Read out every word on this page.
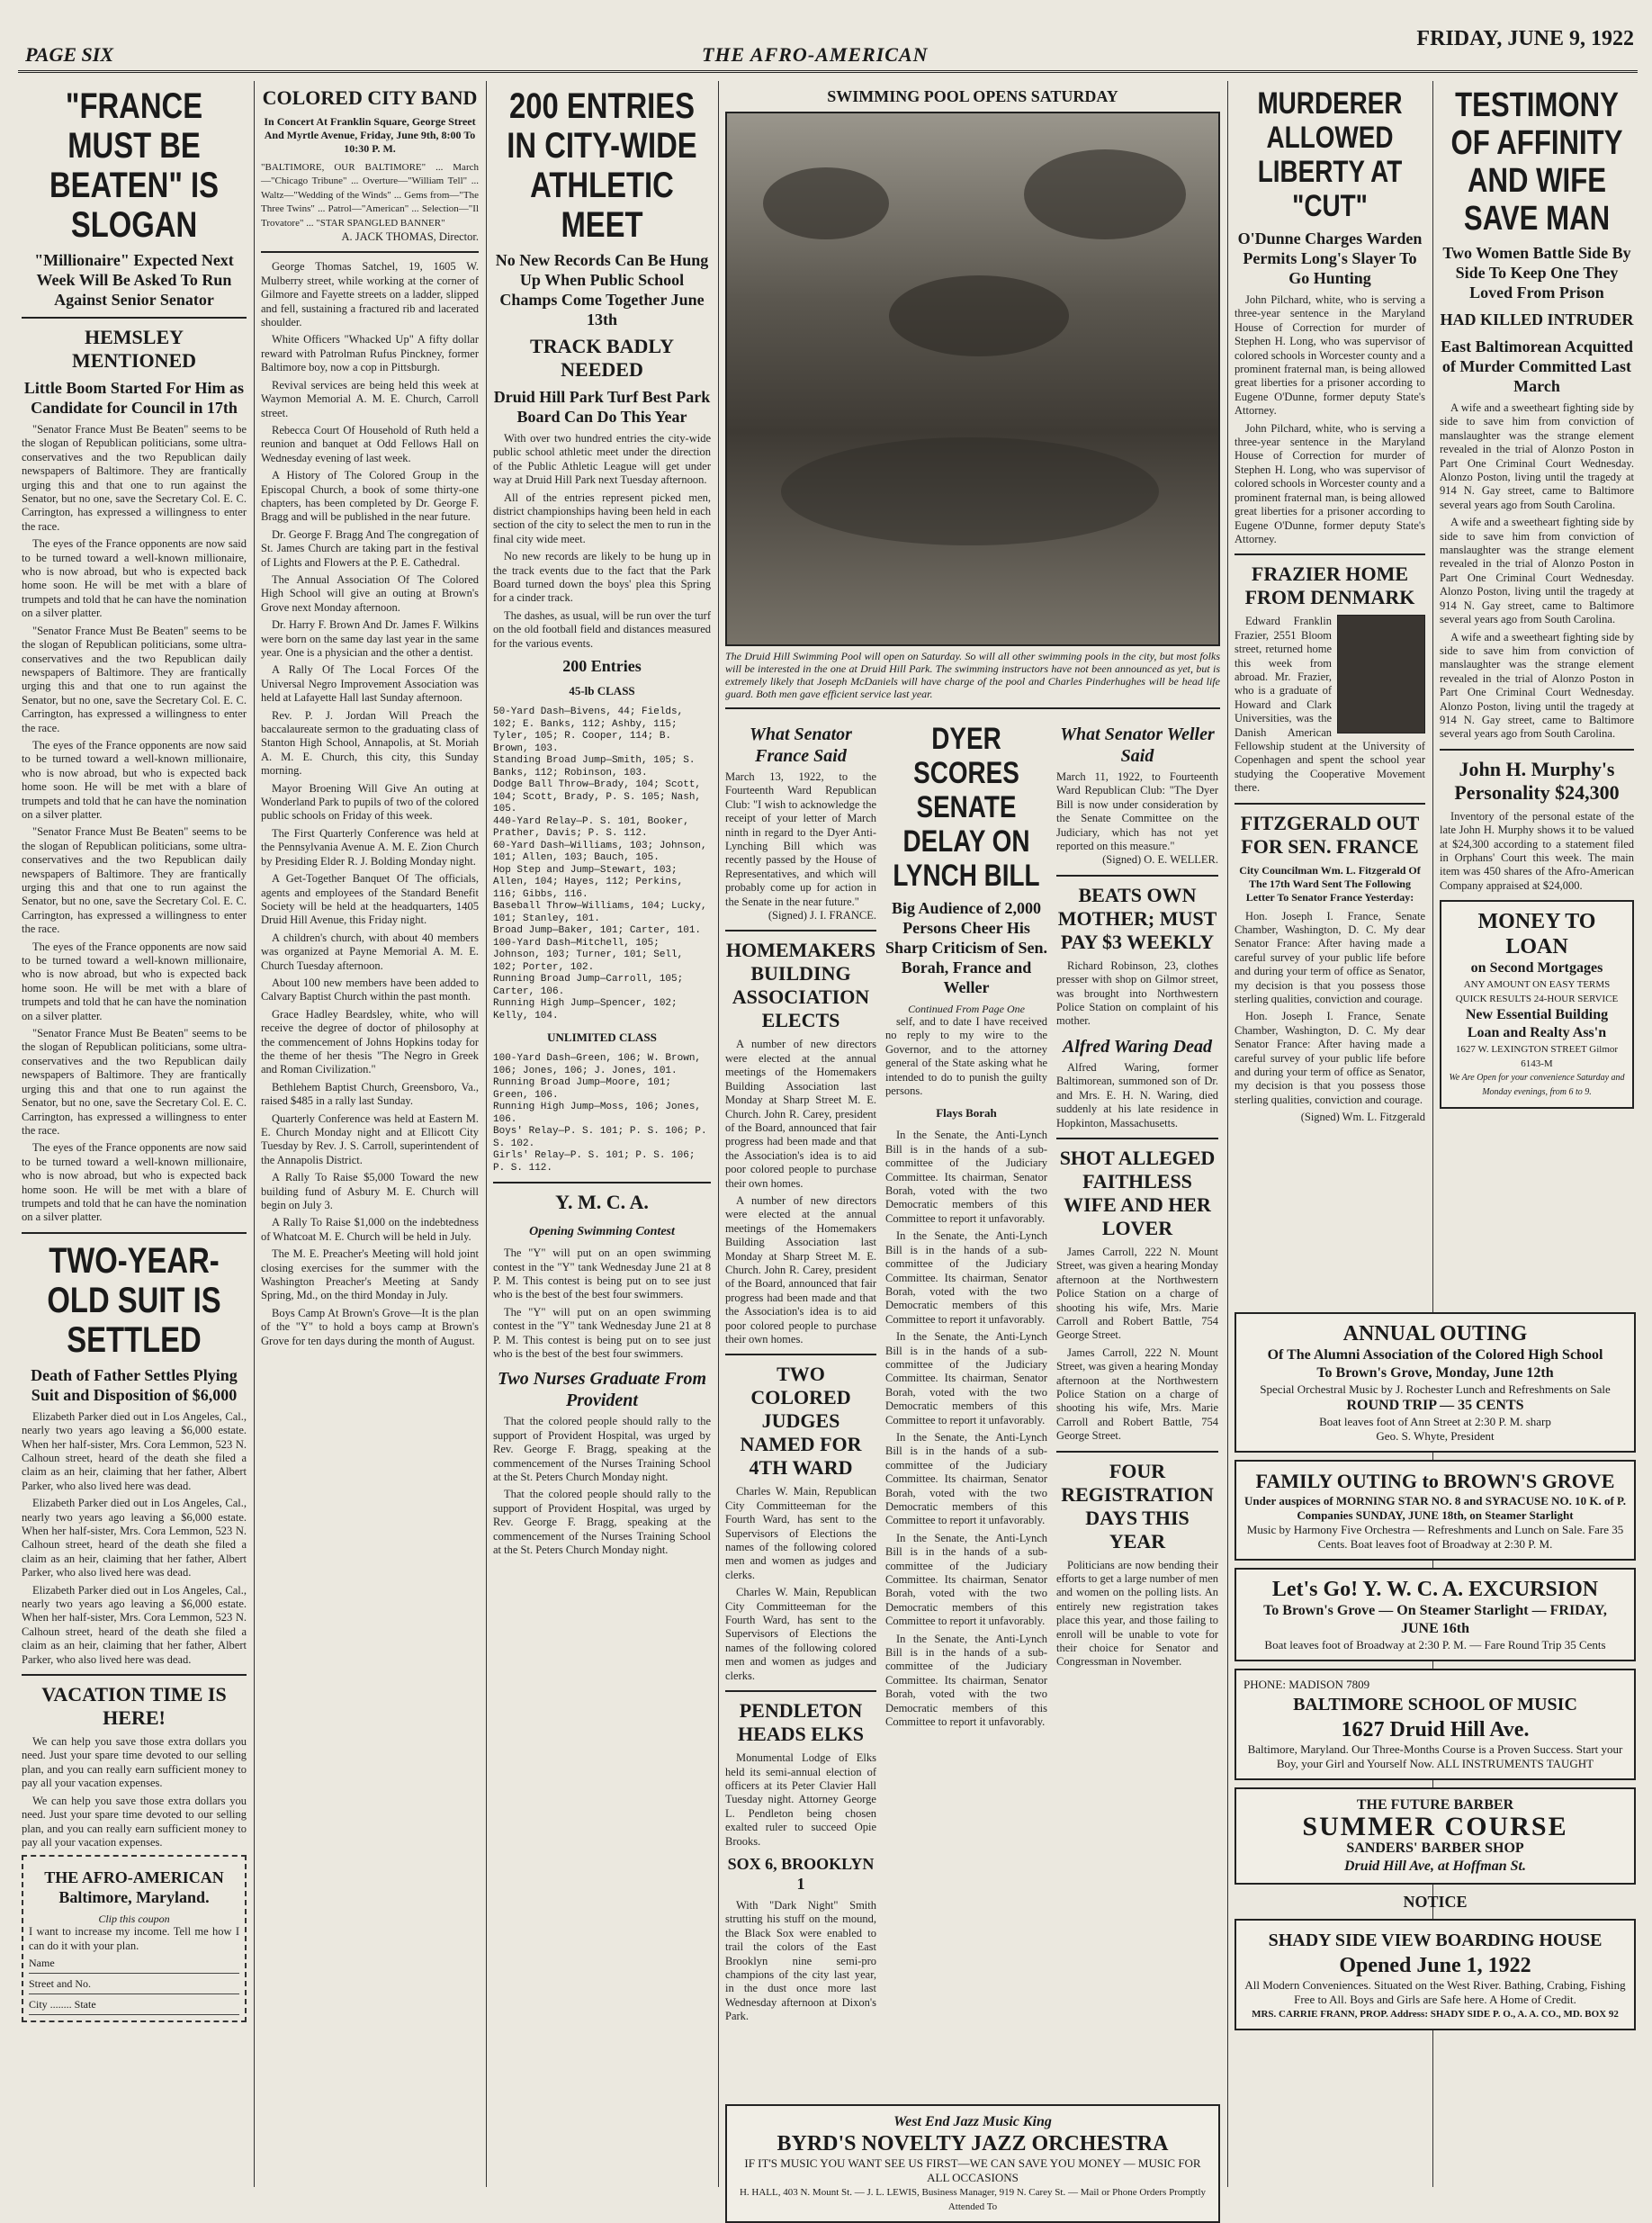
PAGE SIX	THE AFRO-AMERICAN
FRIDAY, JUNE 9, 1922
"FRANCE MUST BE BEATEN" IS SLOGAN
"Millionaire" Expected Next Week Will Be Asked To Run Against Senior Senator
HEMSLEY MENTIONED
Little Boom Started For Him as Candidate for Council in 17th

"Senator France Must Be Beaten" seems to be the slogan of Republican politicians, some ultra-conservatives and the two Republican daily newspapers of Baltimore. They are frantically urging this and that one to run against the Senator, but no one, save the Secretary Col. E. C. Carrington, has expressed a willingness to enter the race.

The eyes of the France opponents are now said to be turned toward a well-known millionaire, who is now abroad, but who is expected back home soon. He will be met with a blare of trumpets and told that he can have the nomination on a silver platter.

"Senator France Must Be Beaten" seems to be the slogan of Republican politicians, some ultra-conservatives and the two Republican daily newspapers of Baltimore. They are frantically urging this and that one to run against the Senator, but no one, save the Secretary Col. E. C. Carrington, has expressed a willingness to enter the race.

The eyes of the France opponents are now said to be turned toward a well-known millionaire, who is now abroad, but who is expected back home soon. He will be met with a blare of trumpets and told that he can have the nomination on a silver platter.

"Senator France Must Be Beaten" seems to be the slogan of Republican politicians, some ultra-conservatives and the two Republican daily newspapers of Baltimore. They are frantically urging this and that one to run against the Senator, but no one, save the Secretary Col. E. C. Carrington, has expressed a willingness to enter the race.

The eyes of the France opponents are now said to be turned toward a well-known millionaire, who is now abroad, but who is expected back home soon. He will be met with a blare of trumpets and told that he can have the nomination on a silver platter.

"Senator France Must Be Beaten" seems to be the slogan of Republican politicians, some ultra-conservatives and the two Republican daily newspapers of Baltimore. They are frantically urging this and that one to run against the Senator, but no one, save the Secretary Col. E. C. Carrington, has expressed a willingness to enter the race.

The eyes of the France opponents are now said to be turned toward a well-known millionaire, who is now abroad, but who is expected back home soon. He will be met with a blare of trumpets and told that he can have the nomination on a silver platter.

TWO-YEAR-OLD SUIT IS SETTLED
Death of Father Settles Plying Suit and Disposition of $6,000

Elizabeth Parker died out in Los Angeles, Cal., nearly two years ago leaving a $6,000 estate. When her half-sister, Mrs. Cora Lemmon, 523 N. Calhoun street, heard of the death she filed a claim as an heir, claiming that her father, Albert Parker, who also lived here was dead.

Elizabeth Parker died out in Los Angeles, Cal., nearly two years ago leaving a $6,000 estate. When her half-sister, Mrs. Cora Lemmon, 523 N. Calhoun street, heard of the death she filed a claim as an heir, claiming that her father, Albert Parker, who also lived here was dead.

Elizabeth Parker died out in Los Angeles, Cal., nearly two years ago leaving a $6,000 estate. When her half-sister, Mrs. Cora Lemmon, 523 N. Calhoun street, heard of the death she filed a claim as an heir, claiming that her father, Albert Parker, who also lived here was dead.

VACATION TIME IS HERE!

We can help you save those extra dollars you need. Just your spare time devoted to our selling plan, and you can really earn sufficient money to pay all your vacation expenses.

We can help you save those extra dollars you need. Just your spare time devoted to our selling plan, and you can really earn sufficient money to pay all your vacation expenses.

THE AFRO-AMERICAN Baltimore, Maryland.
Clip this coupon
I want to increase my income. Tell me how I can do it with your plan.
Name
Street and No.
City ........ State
COLORED CITY BAND
In Concert At Franklin Square, George Street And Myrtle Avenue, Friday, June 9th, 8:00 To 10:30 P. M.
"BALTIMORE, OUR BALTIMORE" ... March—"Chicago Tribune" ... Overture—"William Tell" ... Waltz—"Wedding of the Winds" ... Gems from—"The Three Twins" ... Patrol—"American" ... Selection—"Il Trovatore" ... "STAR SPANGLED BANNER"
A. JACK THOMAS, Director.

George Thomas Satchel, 19, 1605 W. Mulberry street, while working at the corner of Gilmore and Fayette streets on a ladder, slipped and fell, sustaining a fractured rib and lacerated shoulder.

White Officers "Whacked Up" A fifty dollar reward with Patrolman Rufus Pinckney, former Baltimore boy, now a cop in Pittsburgh.

Revival services are being held this week at Waymon Memorial A. M. E. Church, Carroll street.

Rebecca Court Of Household of Ruth held a reunion and banquet at Odd Fellows Hall on Wednesday evening of last week.

A History of The Colored Group in the Episcopal Church, a book of some thirty-one chapters, has been completed by Dr. George F. Bragg and will be published in the near future.

Dr. George F. Bragg And The congregation of St. James Church are taking part in the festival of Lights and Flowers at the P. E. Cathedral.

The Annual Association Of The Colored High School will give an outing at Brown's Grove next Monday afternoon.

Dr. Harry F. Brown And Dr. James F. Wilkins were born on the same day last year in the same year. One is a physician and the other a dentist.

A Rally Of The Local Forces Of the Universal Negro Improvement Association was held at Lafayette Hall last Sunday afternoon.

Rev. P. J. Jordan Will Preach the baccalaureate sermon to the graduating class of Stanton High School, Annapolis, at St. Moriah A. M. E. Church, this city, this Sunday morning.

Mayor Broening Will Give An outing at Wonderland Park to pupils of two of the colored public schools on Friday of this week.

The First Quarterly Conference was held at the Pennsylvania Avenue A. M. E. Zion Church by Presiding Elder R. J. Bolding Monday night.

A Get-Together Banquet Of The officials, agents and employees of the Standard Benefit Society will be held at the headquarters, 1405 Druid Hill Avenue, this Friday night.

A children's church, with about 40 members was organized at Payne Memorial A. M. E. Church Tuesday afternoon.

About 100 new members have been added to Calvary Baptist Church within the past month.

Grace Hadley Beardsley, white, who will receive the degree of doctor of philosophy at the commencement of Johns Hopkins today for the theme of her thesis "The Negro in Greek and Roman Civilization."

Bethlehem Baptist Church, Greensboro, Va., raised $485 in a rally last Sunday.

Quarterly Conference was held at Eastern M. E. Church Monday night and at Ellicott City Tuesday by Rev. J. S. Carroll, superintendent of the Annapolis District.

A Rally To Raise $5,000 Toward the new building fund of Asbury M. E. Church will begin on July 3.

A Rally To Raise $1,000 on the indebtedness of Whatcoat M. E. Church will be held in July.

The M. E. Preacher's Meeting will hold joint closing exercises for the summer with the Washington Preacher's Meeting at Sandy Spring, Md., on the third Monday in July.

Boys Camp At Brown's Grove—It is the plan of the "Y" to hold a boys camp at Brown's Grove for ten days during the month of August.

200 ENTRIES IN CITY-WIDE ATHLETIC MEET
No New Records Can Be Hung Up When Public School Champs Come Together June 13th
TRACK BADLY NEEDED
Druid Hill Park Turf Best Park Board Can Do This Year

With over two hundred entries the city-wide public school athletic meet under the direction of the Public Athletic League will get under way at Druid Hill Park next Tuesday afternoon.

All of the entries represent picked men, district championships having been held in each section of the city to select the men to run in the final city wide meet.

No new records are likely to be hung up in the track events due to the fact that the Park Board turned down the boys' plea this Spring for a cinder track.

The dashes, as usual, will be run over the turf on the old football field and distances measured for the various events.

200 Entries
45-lb CLASS
50-Yard Dash—Bivens, 44; Fields, 102; E. Banks, 112; Ashby, 115; Tyler, 105; R. Cooper, 114; B. Brown, 103.
Standing Broad Jump—Smith, 105; S. Banks, 112; Robinson, 103.
Dodge Ball Throw—Brady, 104; Scott, 104; Scott, Brady, P. S. 105; Nash, 105.
440-Yard Relay—P. S. 101, Booker, Prather, Davis; P. S. 112.
60-Yard Dash—Williams, 103; Johnson, 101; Allen, 103; Bauch, 105.
Hop Step and Jump—Stewart, 103; Allen, 104; Hayes, 112; Perkins, 116; Gibbs, 116.
Baseball Throw—Williams, 104; Lucky, 101; Stanley, 101.
Broad Jump—Baker, 101; Carter, 101.
100-Yard Dash—Mitchell, 105; Johnson, 103; Turner, 101; Sell, 102; Porter, 102.
Running Broad Jump—Carroll, 105; Carter, 106.
Running High Jump—Spencer, 102; Kelly, 104.
UNLIMITED CLASS
100-Yard Dash—Green, 106; W. Brown, 106; Jones, 106; J. Jones, 101.
Running Broad Jump—Moore, 101; Green, 106.
Running High Jump—Moss, 106; Jones, 106.
Boys' Relay—P. S. 101; P. S. 106; P. S. 102.
Girls' Relay—P. S. 101; P. S. 106; P. S. 112.
Y. M. C. A.
Opening Swimming Contest

The "Y" will put on an open swimming contest in the "Y" tank Wednesday June 21 at 8 P. M. This contest is being put on to see just who is the best of the best four swimmers.

The "Y" will put on an open swimming contest in the "Y" tank Wednesday June 21 at 8 P. M. This contest is being put on to see just who is the best of the best four swimmers.

Two Nurses Graduate From Provident

That the colored people should rally to the support of Provident Hospital, was urged by Rev. George F. Bragg, speaking at the commencement of the Nurses Training School at the St. Peters Church Monday night.

That the colored people should rally to the support of Provident Hospital, was urged by Rev. George F. Bragg, speaking at the commencement of the Nurses Training School at the St. Peters Church Monday night.

SWIMMING POOL OPENS SATURDAY
The Druid Hill Swimming Pool will open on Saturday. So will all other swimming pools in the city, but most folks will be interested in the one at Druid Hill Park. The swimming instructors have not been announced as yet, but is extremely likely that Joseph McDaniels will have charge of the pool and Charles Pinderhughes will be head life guard. Both men gave efficient service last year.
What Senator France Said
March 13, 1922, to the Fourteenth Ward Republican Club: "I wish to acknowledge the receipt of your letter of March ninth in regard to the Dyer Anti-Lynching Bill which was recently passed by the House of Representatives, and which will probably come up for action in the Senate in the near future."
(Signed) J. I. FRANCE.
HOMEMAKERS BUILDING ASSOCIATION ELECTS

A number of new directors were elected at the annual meetings of the Homemakers Building Association last Monday at Sharp Street M. E. Church. John R. Carey, president of the Board, announced that fair progress had been made and that the Association's idea is to aid poor colored people to purchase their own homes.

A number of new directors were elected at the annual meetings of the Homemakers Building Association last Monday at Sharp Street M. E. Church. John R. Carey, president of the Board, announced that fair progress had been made and that the Association's idea is to aid poor colored people to purchase their own homes.

TWO COLORED JUDGES NAMED FOR 4TH WARD

Charles W. Main, Republican City Committeeman for the Fourth Ward, has sent to the Supervisors of Elections the names of the following colored men and women as judges and clerks.

Charles W. Main, Republican City Committeeman for the Fourth Ward, has sent to the Supervisors of Elections the names of the following colored men and women as judges and clerks.

PENDLETON HEADS ELKS

Monumental Lodge of Elks held its semi-annual election of officers at its Peter Clavier Hall Tuesday night. Attorney George L. Pendleton being chosen exalted ruler to succeed Opie Brooks.

SOX 6, BROOKLYN 1

With "Dark Night" Smith strutting his stuff on the mound, the Black Sox were enabled to trail the colors of the East Brooklyn nine semi-pro champions of the city last year, in the dust once more last Wednesday afternoon at Dixon's Park.

DYER SCORES SENATE DELAY ON LYNCH BILL
Big Audience of 2,000 Persons Cheer His Sharp Criticism of Sen. Borah, France and Weller
Continued From Page One

self, and to date I have received no reply to my wire to the Governor, and to the attorney general of the State asking what he intended to do to punish the guilty persons.

Flays Borah

In the Senate, the Anti-Lynch Bill is in the hands of a sub-committee of the Judiciary Committee. Its chairman, Senator Borah, voted with the two Democratic members of this Committee to report it unfavorably.

In the Senate, the Anti-Lynch Bill is in the hands of a sub-committee of the Judiciary Committee. Its chairman, Senator Borah, voted with the two Democratic members of this Committee to report it unfavorably.

In the Senate, the Anti-Lynch Bill is in the hands of a sub-committee of the Judiciary Committee. Its chairman, Senator Borah, voted with the two Democratic members of this Committee to report it unfavorably.

In the Senate, the Anti-Lynch Bill is in the hands of a sub-committee of the Judiciary Committee. Its chairman, Senator Borah, voted with the two Democratic members of this Committee to report it unfavorably.

In the Senate, the Anti-Lynch Bill is in the hands of a sub-committee of the Judiciary Committee. Its chairman, Senator Borah, voted with the two Democratic members of this Committee to report it unfavorably.

In the Senate, the Anti-Lynch Bill is in the hands of a sub-committee of the Judiciary Committee. Its chairman, Senator Borah, voted with the two Democratic members of this Committee to report it unfavorably.

What Senator Weller Said
March 11, 1922, to Fourteenth Ward Republican Club: "The Dyer Bill is now under consideration by the Senate Committee on the Judiciary, which has not yet reported on this measure."
(Signed) O. E. WELLER.
BEATS OWN MOTHER; MUST PAY $3 WEEKLY

Richard Robinson, 23, clothes presser with shop on Gilmor street, was brought into Northwestern Police Station on complaint of his mother.

Alfred Waring Dead

Alfred Waring, former Baltimorean, summoned son of Dr. and Mrs. E. H. N. Waring, died suddenly at his late residence in Hopkinton, Massachusetts.

SHOT ALLEGED FAITHLESS WIFE AND HER LOVER

James Carroll, 222 N. Mount Street, was given a hearing Monday afternoon at the Northwestern Police Station on a charge of shooting his wife, Mrs. Marie Carroll and Robert Battle, 754 George Street.

James Carroll, 222 N. Mount Street, was given a hearing Monday afternoon at the Northwestern Police Station on a charge of shooting his wife, Mrs. Marie Carroll and Robert Battle, 754 George Street.

FOUR REGISTRATION DAYS THIS YEAR

Politicians are now bending their efforts to get a large number of men and women on the polling lists. An entirely new registration takes place this year, and those failing to enroll will be unable to vote for their choice for Senator and Congressman in November.

West End Jazz Music King
BYRD'S NOVELTY JAZZ ORCHESTRA
IF IT'S MUSIC YOU WANT SEE US FIRST—WE CAN SAVE YOU MONEY — MUSIC FOR ALL OCCASIONS
H. HALL, 403 N. Mount St. — J. L. LEWIS, Business Manager, 919 N. Carey St. — Mail or Phone Orders Promptly Attended To
MURDERER ALLOWED LIBERTY AT "CUT"
O'Dunne Charges Warden Permits Long's Slayer To Go Hunting

John Pilchard, white, who is serving a three-year sentence in the Maryland House of Correction for murder of Stephen H. Long, who was supervisor of colored schools in Worcester county and a prominent fraternal man, is being allowed great liberties for a prisoner according to Eugene O'Dunne, former deputy State's Attorney.

John Pilchard, white, who is serving a three-year sentence in the Maryland House of Correction for murder of Stephen H. Long, who was supervisor of colored schools in Worcester county and a prominent fraternal man, is being allowed great liberties for a prisoner according to Eugene O'Dunne, former deputy State's Attorney.

FRAZIER HOME FROM DENMARK

Edward Franklin Frazier, 2551 Bloom street, returned home this week from abroad. Mr. Frazier, who is a graduate of Howard and Clark Universities, was the Danish American Fellowship student at the University of Copenhagen and spent the school year studying the Cooperative Movement there.

FITZGERALD OUT FOR SEN. FRANCE
City Councilman Wm. L. Fitzgerald Of The 17th Ward Sent The Following Letter To Senator France Yesterday:

Hon. Joseph I. France, Senate Chamber, Washington, D. C. My dear Senator France: After having made a careful survey of your public life before and during your term of office as Senator, my decision is that you possess those sterling qualities, conviction and courage.

Hon. Joseph I. France, Senate Chamber, Washington, D. C. My dear Senator France: After having made a careful survey of your public life before and during your term of office as Senator, my decision is that you possess those sterling qualities, conviction and courage.

(Signed) Wm. L. Fitzgerald
TESTIMONY OF AFFINITY AND WIFE SAVE MAN
Two Women Battle Side By Side To Keep One They Loved From Prison
HAD KILLED INTRUDER
East Baltimorean Acquitted of Murder Committed Last March

A wife and a sweetheart fighting side by side to save him from conviction of manslaughter was the strange element revealed in the trial of Alonzo Poston in Part One Criminal Court Wednesday. Alonzo Poston, living until the tragedy at 914 N. Gay street, came to Baltimore several years ago from South Carolina.

A wife and a sweetheart fighting side by side to save him from conviction of manslaughter was the strange element revealed in the trial of Alonzo Poston in Part One Criminal Court Wednesday. Alonzo Poston, living until the tragedy at 914 N. Gay street, came to Baltimore several years ago from South Carolina.

A wife and a sweetheart fighting side by side to save him from conviction of manslaughter was the strange element revealed in the trial of Alonzo Poston in Part One Criminal Court Wednesday. Alonzo Poston, living until the tragedy at 914 N. Gay street, came to Baltimore several years ago from South Carolina.

John H. Murphy's Personality $24,300

Inventory of the personal estate of the late John H. Murphy shows it to be valued at $24,300 according to a statement filed in Orphans' Court this week. The main item was 450 shares of the Afro-American Company appraised at $24,000.

MONEY TO LOAN
on Second Mortgages
ANY AMOUNT ON EASY TERMS QUICK RESULTS 24-HOUR SERVICE
New Essential Building Loan and Realty Ass'n
1627 W. LEXINGTON STREET Gilmor 6143-M
We Are Open for your convenience Saturday and Monday evenings, from 6 to 9.
ANNUAL OUTING
Of The Alumni Association of the Colored High School
To Brown's Grove, Monday, June 12th
Special Orchestral Music by J. Rochester Lunch and Refreshments on Sale
ROUND TRIP — 35 CENTS
Boat leaves foot of Ann Street at 2:30 P. M. sharp
Geo. S. Whyte, President
FAMILY OUTING to BROWN'S GROVE
Under auspices of MORNING STAR NO. 8 and SYRACUSE NO. 10 K. of P. Companies SUNDAY, JUNE 18th, on Steamer Starlight
Music by Harmony Five Orchestra — Refreshments and Lunch on Sale. Fare 35 Cents. Boat leaves foot of Broadway at 2:30 P. M.
Let's Go! Y. W. C. A. EXCURSION
To Brown's Grove — On Steamer Starlight — FRIDAY, JUNE 16th
Boat leaves foot of Broadway at 2:30 P. M. — Fare Round Trip 35 Cents
PHONE: MADISON 7809
BALTIMORE SCHOOL OF MUSIC
1627 Druid Hill Ave.
Baltimore, Maryland. Our Three-Months Course is a Proven Success. Start your Boy, your Girl and Yourself Now. ALL INSTRUMENTS TAUGHT
THE FUTURE BARBER
SUMMER COURSE
SANDERS' BARBER SHOP
Druid Hill Ave, at Hoffman St.
NOTICE
SHADY SIDE VIEW BOARDING HOUSE
Opened June 1, 1922
All Modern Conveniences. Situated on the West River. Bathing, Crabing, Fishing Free to All. Boys and Girls are Safe here. A Home of Credit.
MRS. CARRIE FRANN, PROP. Address: SHADY SIDE P. O., A. A. CO., MD. BOX 92
